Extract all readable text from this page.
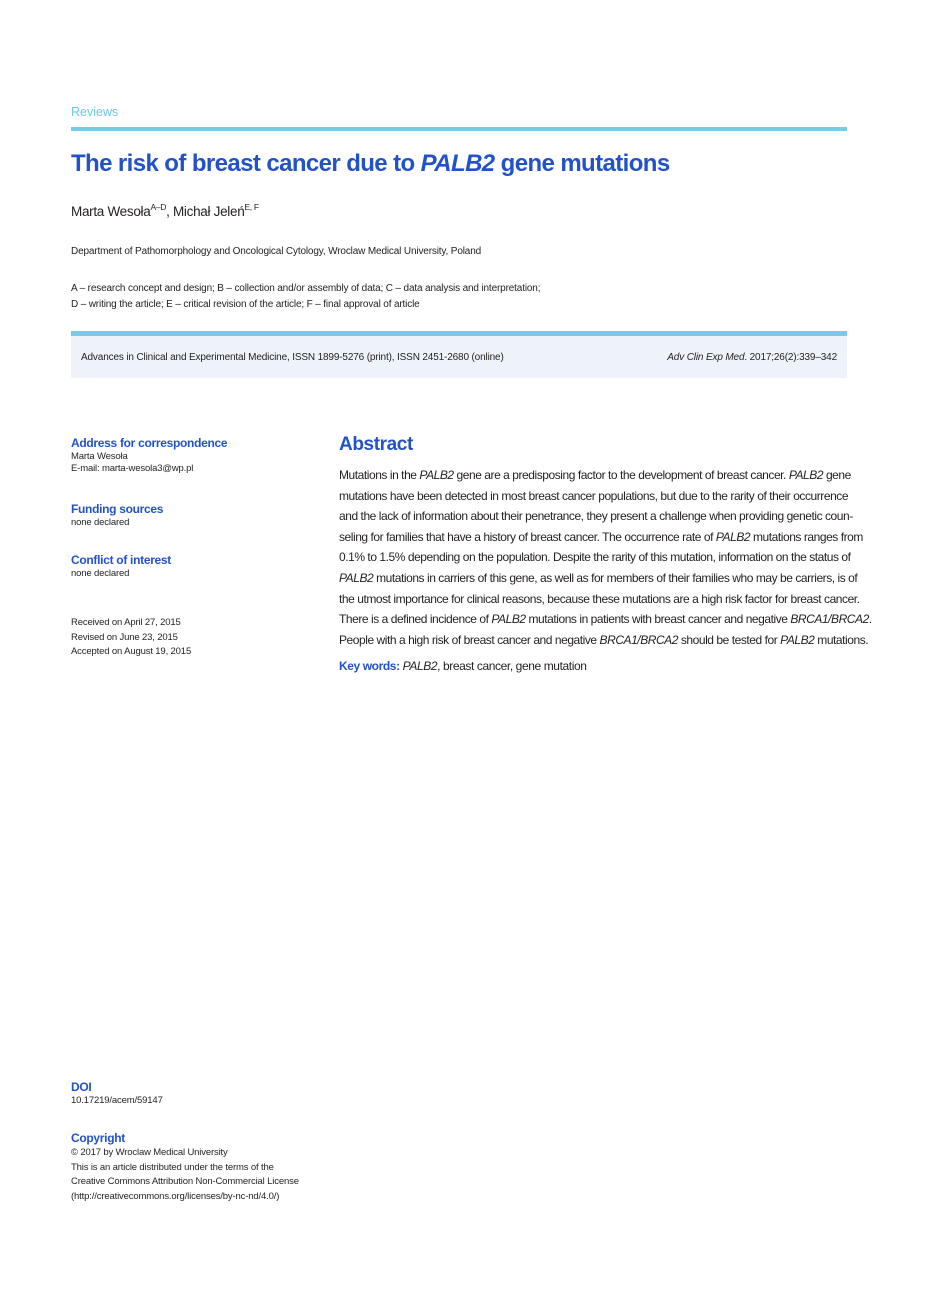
Reviews
The risk of breast cancer due to PALB2 gene mutations
Marta Wesoła$^{A-D}$, Michał Jeleń$^{E, F}$
Department of Pathomorphology and Oncological Cytology, Wroclaw Medical University, Poland
A – research concept and design; B – collection and/or assembly of data; C – data analysis and interpretation;
D – writing the article; E – critical revision of the article; F – final approval of article
Advances in Clinical and Experimental Medicine, ISSN 1899-5276 (print), ISSN 2451-2680 (online)	Adv Clin Exp Med. 2017;26(2):339–342
Address for correspondence
Marta Wesoła
E-mail: marta-wesola3@wp.pl
Funding sources
none declared
Conflict of interest
none declared
Received on April 27, 2015
Revised on June 23, 2015
Accepted on August 19, 2015
DOI
10.17219/acem/59147
Copyright
© 2017 by Wroclaw Medical University
This is an article distributed under the terms of the
Creative Commons Attribution Non-Commercial License
(http://creativecommons.org/licenses/by-nc-nd/4.0/)
Abstract
Mutations in the PALB2 gene are a predisposing factor to the development of breast cancer. PALB2 gene
mutations have been detected in most breast cancer populations, but due to the rarity of their occurrence
and the lack of information about their penetrance, they present a challenge when providing genetic coun-
seling for families that have a history of breast cancer. The occurrence rate of PALB2 mutations ranges from
0.1% to 1.5% depending on the population. Despite the rarity of this mutation, information on the status of
PALB2 mutations in carriers of this gene, as well as for members of their families who may be carriers, is of
the utmost importance for clinical reasons, because these mutations are a high risk factor for breast cancer.
There is a defined incidence of PALB2 mutations in patients with breast cancer and negative BRCA1/BRCA2.
People with a high risk of breast cancer and negative BRCA1/BRCA2 should be tested for PALB2 mutations.
Key words: PALB2, breast cancer, gene mutation
